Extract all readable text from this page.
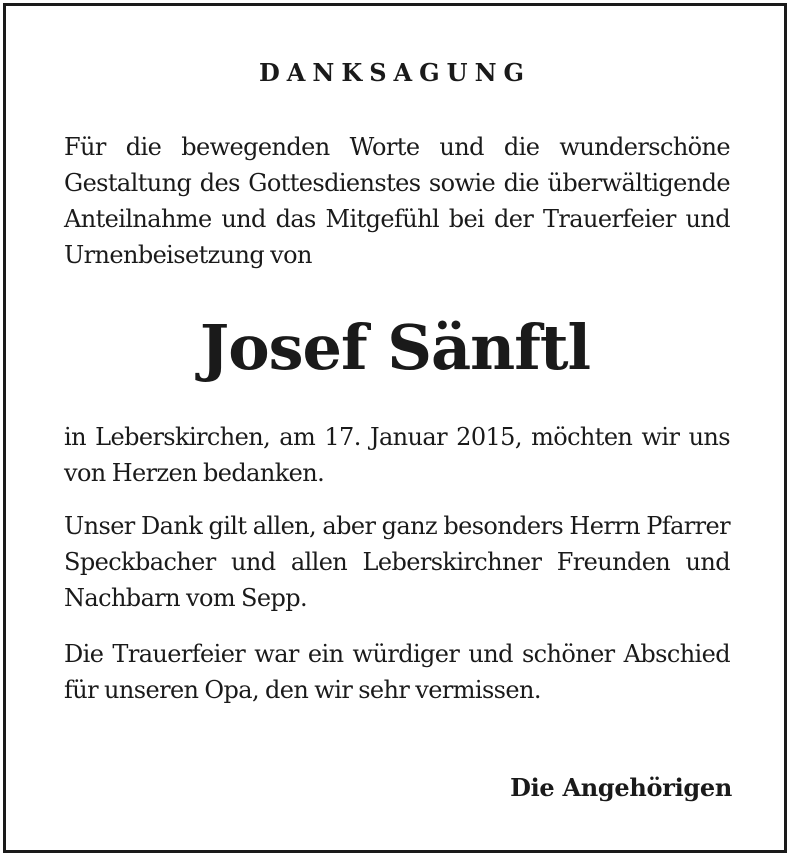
DANKSAGUNG

Für die bewegenden Worte und die wunderschöne Gestaltung des Gottesdienstes sowie die überwältigende Anteilnahme und das Mitgefühl bei der Trauerfeier und Urnenbeisetzung von

Josef Sänftl

in Leberskirchen, am 17. Januar 2015, möchten wir uns von Herzen bedanken.

Unser Dank gilt allen, aber ganz besonders Herrn Pfarrer Speckbacher und allen Leberskirchner Freunden und Nachbarn vom Sepp.

Die Trauerfeier war ein würdiger und schöner Abschied für unseren Opa, den wir sehr vermissen.

Die Angehörigen
